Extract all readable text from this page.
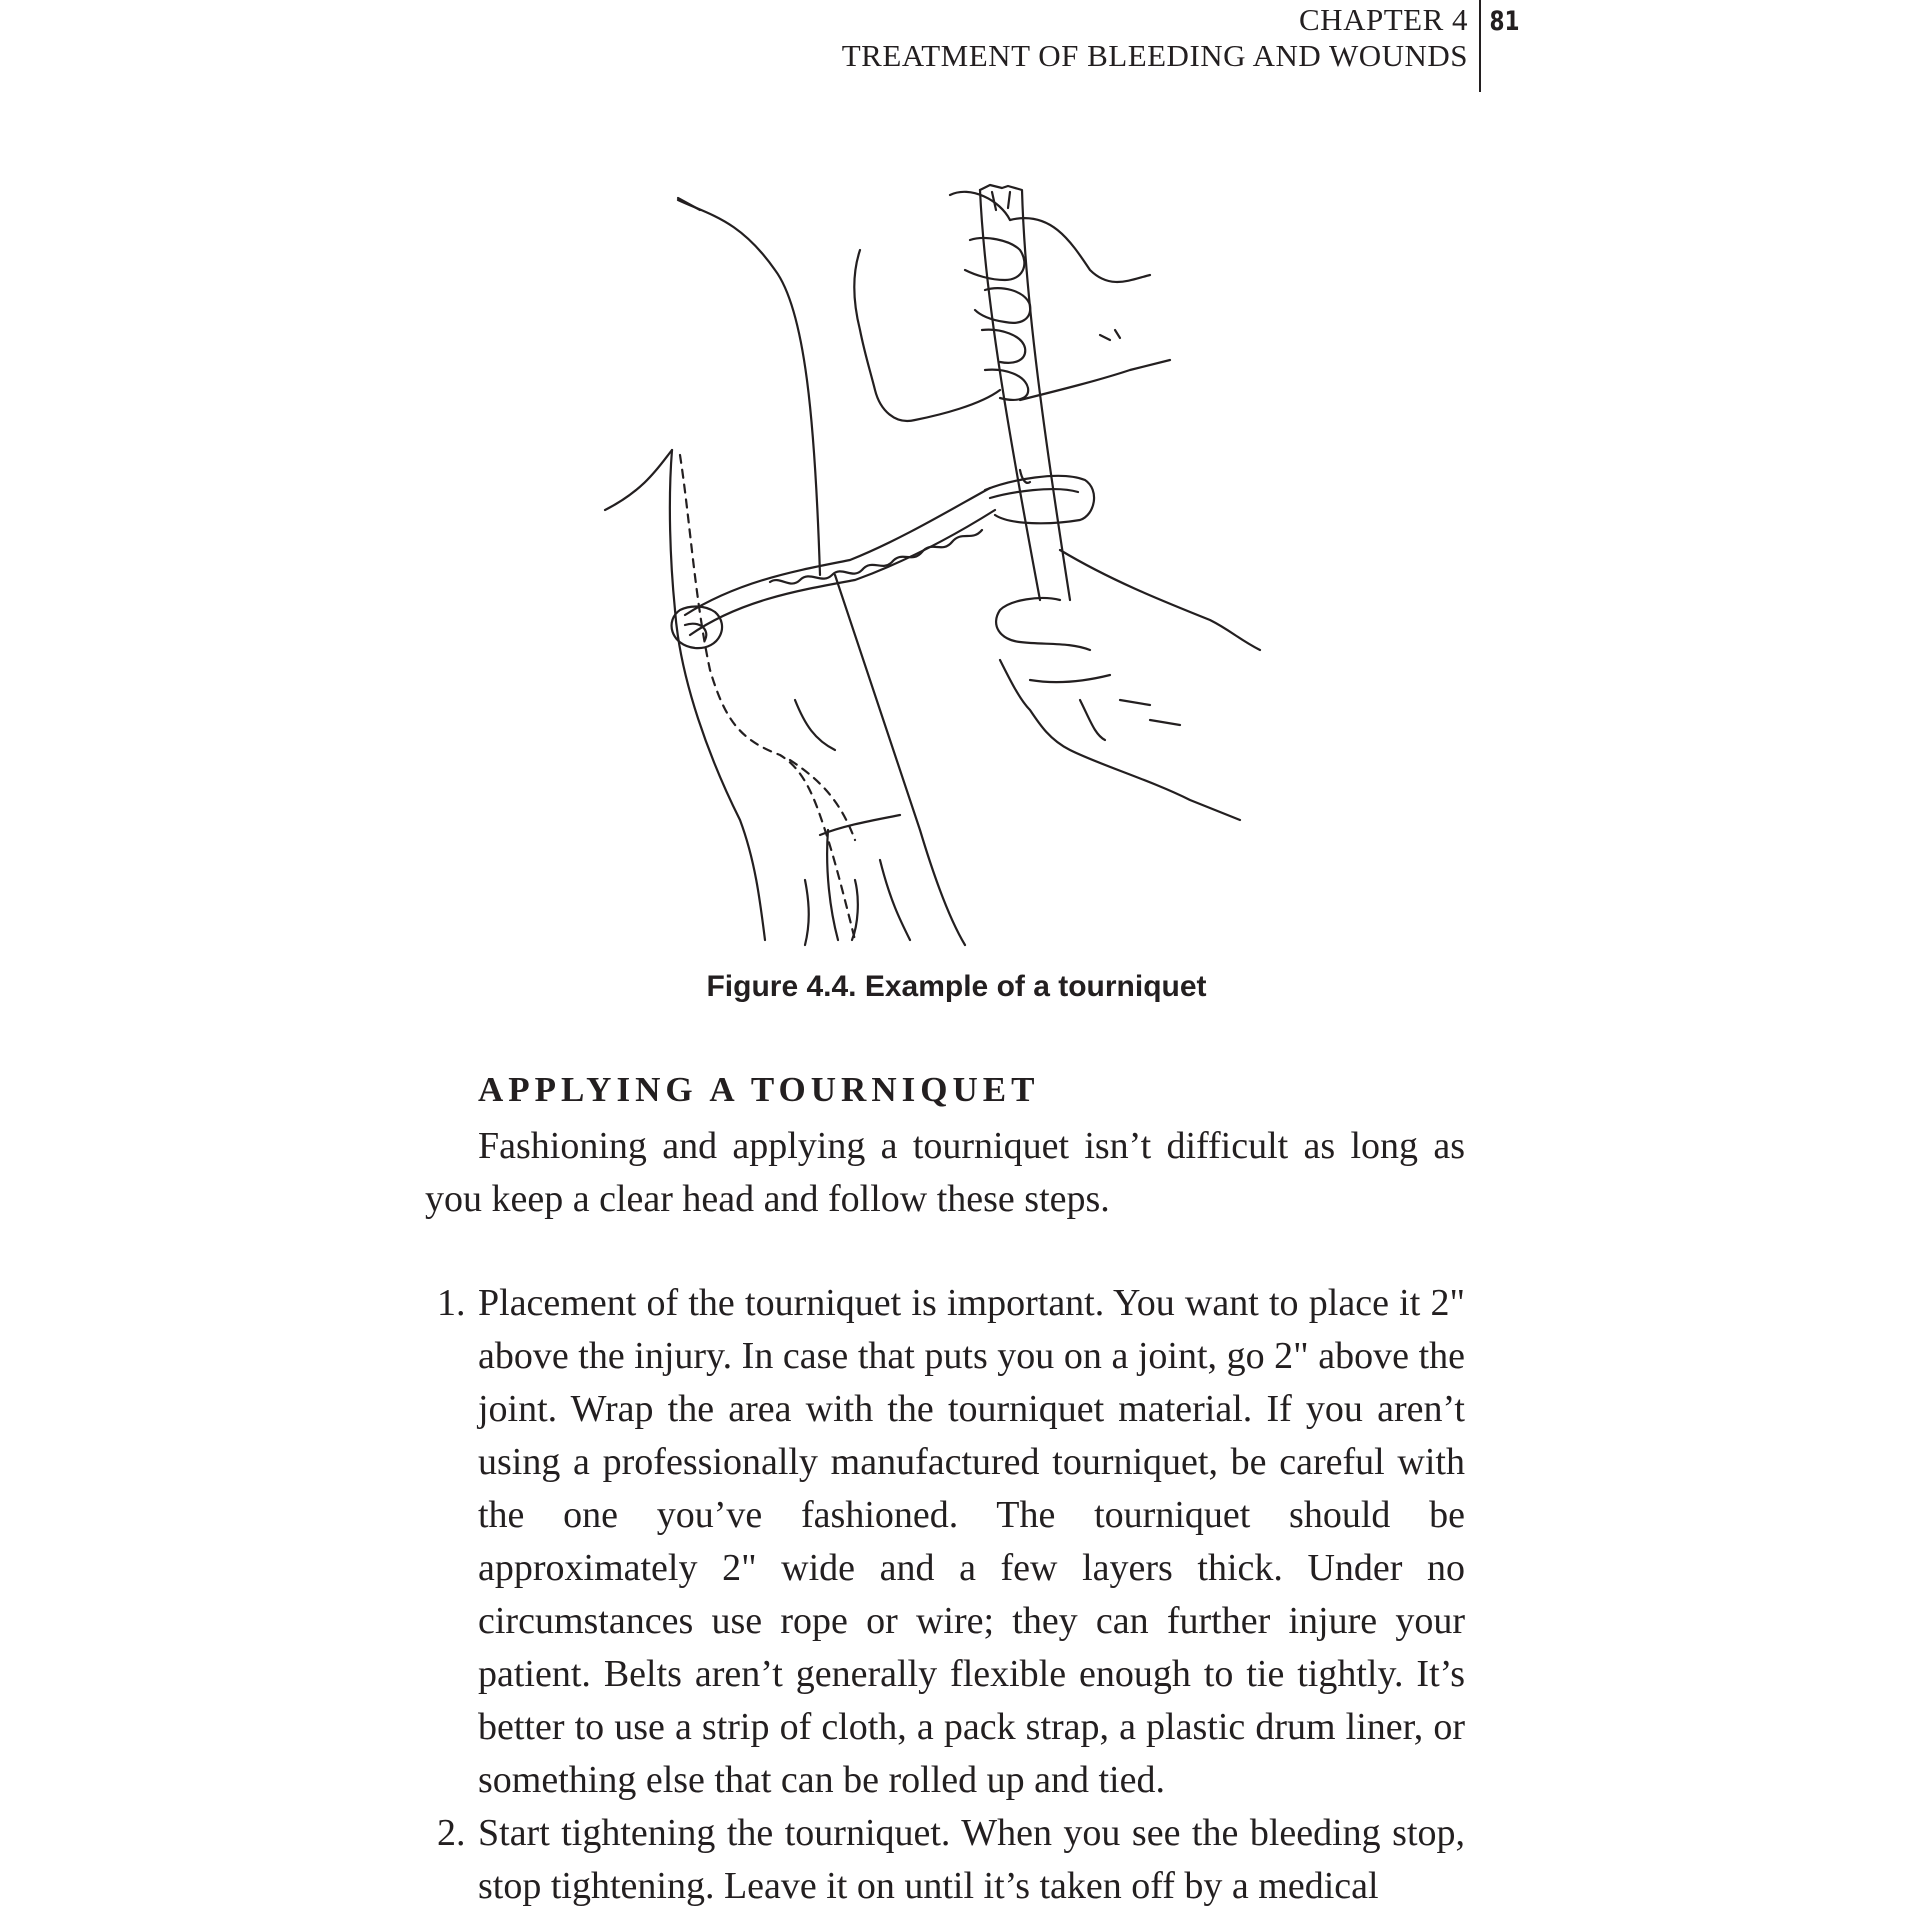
CHAPTER 4
TREATMENT OF BLEEDING AND WOUNDS
81
Figure 4.4. Example of a tourniquet
APPLYING A TOURNIQUET

Fashioning and applying a tourniquet isn’t difficult as long as you keep a clear head and follow these steps.

1. Placement of the tourniquet is important. You want to place it 2" above the injury. In case that puts you on a joint, go 2" above the joint. Wrap the area with the tourniquet material. If you aren’t using a professionally manufactured tourniquet, be careful with the one you’ve fashioned. The tourniquet should be approximately 2" wide and a few layers thick. Under no circumstances use rope or wire; they can further injure your patient. Belts aren’t generally flexible enough to tie tightly. It’s better to use a strip of cloth, a pack strap, a plastic drum liner, or something else that can be rolled up and tied.
2. Start tightening the tourniquet. When you see the bleeding stop, stop tightening. Leave it on until it’s taken off by a medical
